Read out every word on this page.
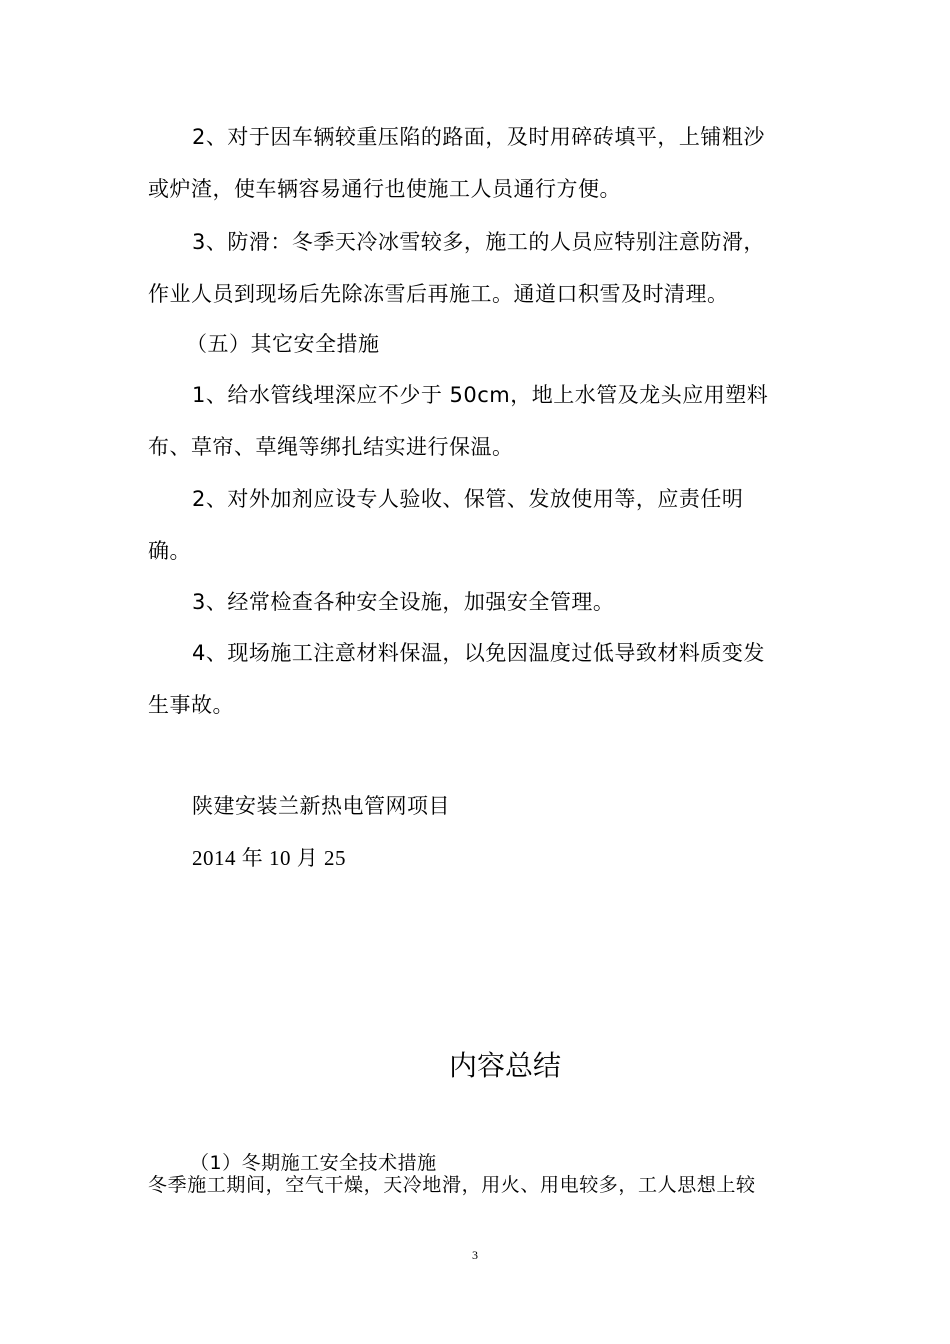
2、对于因车辆较重压陷的路面，及时用碎砖填平，上铺粗沙
或炉渣，使车辆容易通行也使施工人员通行方便。
3、防滑：冬季天冷冰雪较多，施工的人员应特别注意防滑，
作业人员到现场后先除冻雪后再施工。通道口积雪及时清理。
（五）其它安全措施
1、给水管线埋深应不少于 50cm，地上水管及龙头应用塑料
布、草帘、草绳等绑扎结实进行保温。
2、对外加剂应设专人验收、保管、发放使用等，应责任明
确。
3、经常检查各种安全设施，加强安全管理。
4、现场施工注意材料保温，以免因温度过低导致材料质变发
生事故。
陕建安装兰新热电管网项目
2014 年 10 月 25
内容总结
（1）冬期施工安全技术措施
冬季施工期间，空气干燥，天冷地滑，用火、用电较多，工人思想上较
3
